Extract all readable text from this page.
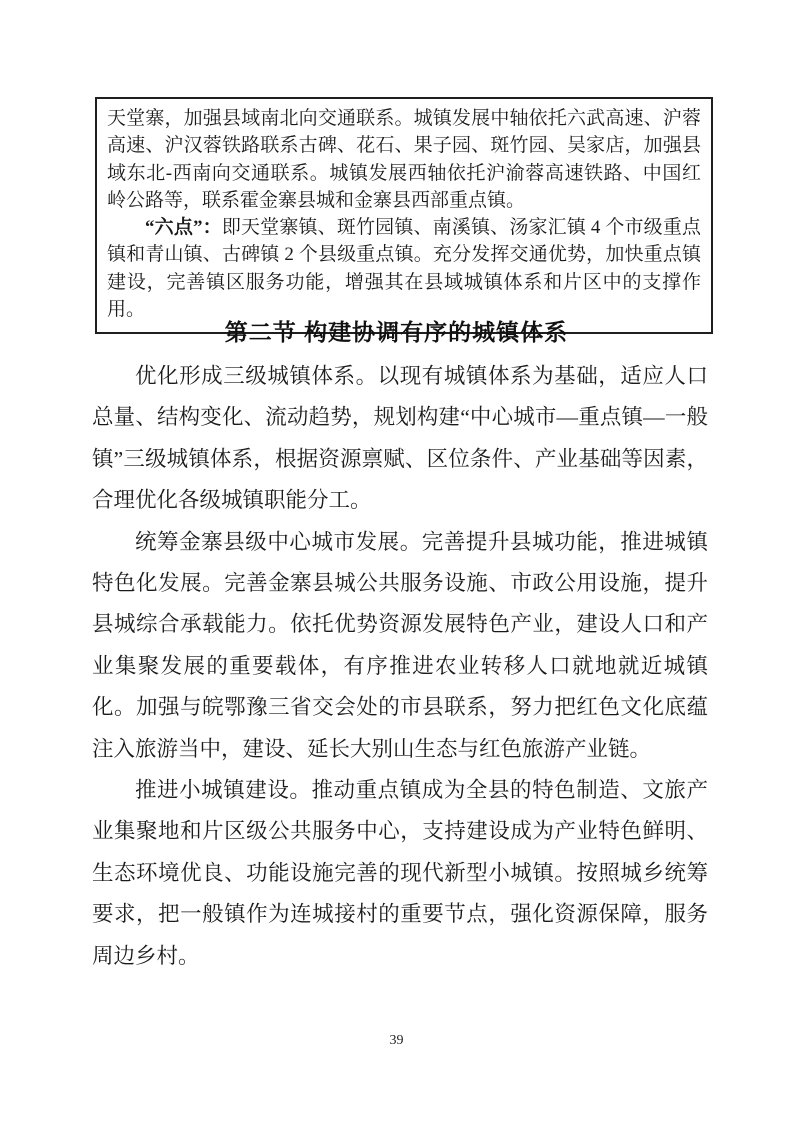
天堂寨，加强县域南北向交通联系。城镇发展中轴依托六武高速、沪蓉高速、沪汉蓉铁路联系古碑、花石、果子园、斑竹园、吴家店，加强县域东北-西南向交通联系。城镇发展西轴依托沪渝蓉高速铁路、中国红岭公路等，联系霍金寨县城和金寨县西部重点镇。

“六点”：即天堂寨镇、斑竹园镇、南溪镇、汤家汇镇 4 个市级重点镇和青山镇、古碑镇 2 个县级重点镇。充分发挥交通优势，加快重点镇建设，完善镇区服务功能，增强其在县域城镇体系和片区中的支撑作用。

第二节 构建协调有序的城镇体系

优化形成三级城镇体系。以现有城镇体系为基础，适应人口总量、结构变化、流动趋势，规划构建“中心城市—重点镇—一般镇”三级城镇体系，根据资源禀赋、区位条件、产业基础等因素，合理优化各级城镇职能分工。

统筹金寨县级中心城市发展。完善提升县城功能，推进城镇特色化发展。完善金寨县城公共服务设施、市政公用设施，提升县城综合承载能力。依托优势资源发展特色产业，建设人口和产业集聚发展的重要载体，有序推进农业转移人口就地就近城镇化。加强与皖鄂豫三省交会处的市县联系，努力把红色文化底蕴注入旅游当中，建设、延长大别山生态与红色旅游产业链。

推进小城镇建设。推动重点镇成为全县的特色制造、文旅产业集聚地和片区级公共服务中心，支持建设成为产业特色鲜明、生态环境优良、功能设施完善的现代新型小城镇。按照城乡统筹要求，把一般镇作为连城接村的重要节点，强化资源保障，服务周边乡村。

39
